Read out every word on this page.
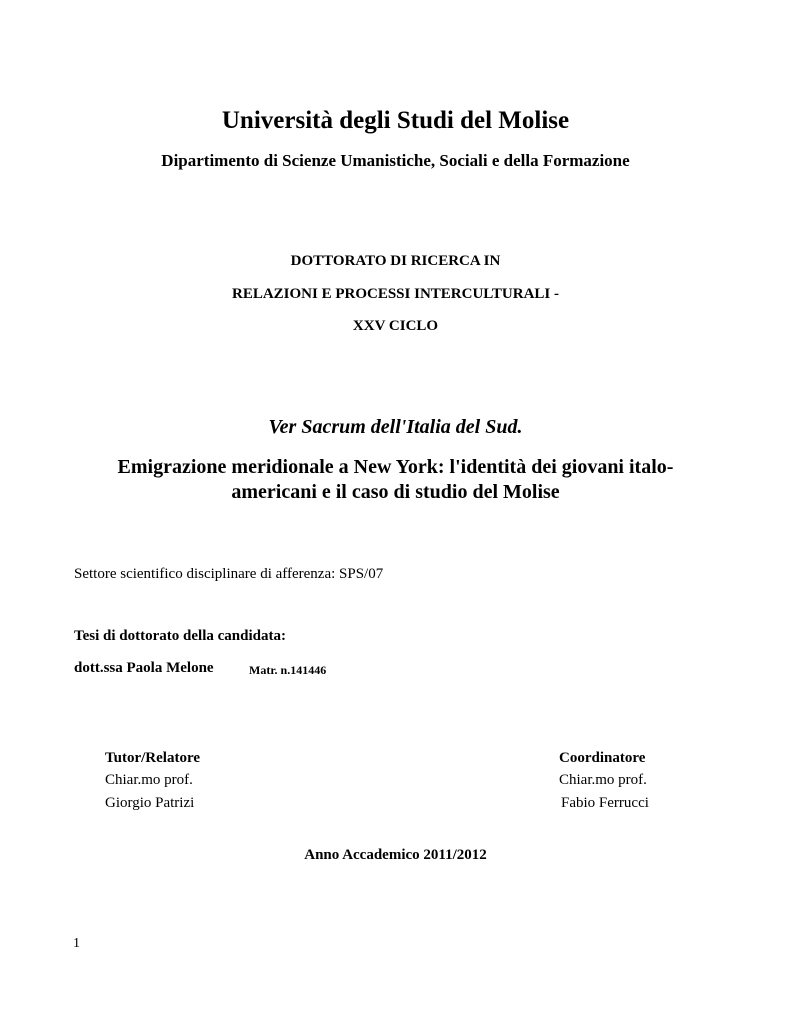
Università degli Studi del Molise
Dipartimento di Scienze Umanistiche, Sociali e della Formazione
DOTTORATO DI RICERCA IN
RELAZIONI E PROCESSI INTERCULTURALI -
XXV CICLO
Ver Sacrum dell'Italia del Sud.
Emigrazione meridionale a New York: l'identità dei giovani italo-
americani e il caso di studio del Molise
Settore scientifico disciplinare di afferenza: SPS/07
Tesi di dottorato della candidata:
dott.ssa Paola Melone	Matr. n.141446
Tutor/Relatore
Chiar.mo prof.
Giorgio Patrizi
Coordinatore
Chiar.mo prof.
Fabio Ferrucci
Anno Accademico 2011/2012
1
